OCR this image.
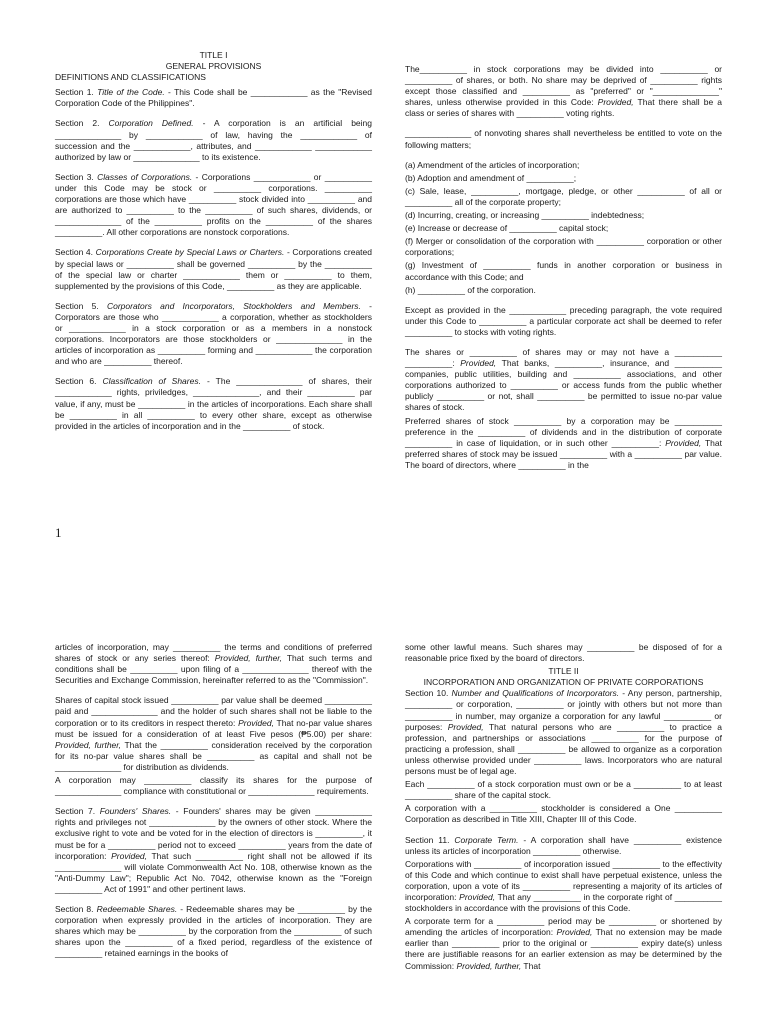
TITLE I

GENERAL PROVISIONS

DEFINITIONS AND CLASSIFICATIONS

Section 1. Title of the Code. - This Code shall be ____________ as the "Revised Corporation Code of the Philippines".

Section 2. Corporation Defined. - A corporation is an artificial being ______________ by ____________ of law, having the ____________ of succession and the ____________, attributes, and ____________ ____________ authorized by law or ______________ to its existence.

Section 3. Classes of Corporations. - Corporations ____________ or __________ under this Code may be stock or __________ corporations. __________ corporations are those which have __________ stock divided into __________ and are authorized to __________ to the __________ of such shares, dividends, or ______________ of the __________ profits on the __________ of the shares __________. All other corporations are nonstock corporations.

Section 4. Corporations Create by Special Laws or Charters. - Corporations created by special laws or __________ shall be governed __________ by the __________ of the special law or charter ____________ them or __________ to them, supplemented by the provisions of this Code, __________ as they are applicable.

Section 5. Corporators and Incorporators, Stockholders and Members. - Corporators are those who ____________ a corporation, whether as stockholders or ____________ in a stock corporation or as a members in a nonstock corporations. Incorporators are those stockholders or ______________ in the articles of incorporation as __________ forming and ____________ the corporation and who are __________ thereof.

Section 6. Classification of Shares. - The ______________ of shares, their ____________ rights, priviledges, ______________, and their __________ par value, if any, must be __________ in the articles of incorporations. Each share shall be __________ in all __________ to every other share, except as otherwise provided in the articles of incorporation and in the __________ of stock.

The__________ in stock corporations may be divided into __________ or __________ of shares, or both. No share may be deprived of __________ rights except those classified and __________ as "preferred" or "______________" shares, unless otherwise provided in this Code: Provided, That there shall be a class or series of shares with __________ voting rights.

______________ of nonvoting shares shall nevertheless be entitled to vote on the following matters;

(a) Amendment of the articles of incorporation;

(b) Adoption and amendment of __________;

(c) Sale, lease, __________, mortgage, pledge, or other __________ of all or __________ all of the corporate property;

(d) Incurring, creating, or increasing __________ indebtedness;

(e) Increase or decrease of __________ capital stock;

(f) Merger or consolidation of the corporation with __________ corporation or other corporations;

(g) Investment of __________ funds in another corporation or business in accordance with this Code; and

(h) __________ of the corporation.

Except as provided in the ____________ preceding paragraph, the vote required under this Code to __________ a particular corporate act shall be deemed to refer __________ to stocks with voting rights.

The shares or __________ of shares may or may not have a __________ __________: Provided, That banks, __________, insurance, and __________ companies, public utilities, building and __________ associations, and other corporations authorized to __________ or access funds from the public whether publicly __________ or not, shall __________ be permitted to issue no-par value shares of stock.

Preferred shares of stock __________ by a corporation may be __________ preference in the __________ of dividends and in the distribution of corporate __________ in case of liquidation, or in such other __________: Provided, That preferred shares of stock may be issued __________ with a __________ par value. The board of directors, where __________ in the

1

articles of incorporation, may __________ the terms and conditions of preferred shares of stock or any series thereof: Provided, further, That such terms and conditions shall be __________ upon filing of a ______________ thereof with the Securities and Exchange Commission, hereinafter referred to as the "Commission".

Shares of capital stock issued __________ par value shall be deemed __________ paid and ______________ and the holder of such shares shall not be liable to the corporation or to its creditors in respect thereto: Provided, That no-par value shares must be issued for a consideration of at least Five pesos (₱5.00) per share: Provided, further, That the __________ consideration received by the corporation for its no-par value shares shall be __________ as capital and shall not be ______________ for distribution as dividends.

A corporation may __________ classify its shares for the purpose of ______________ compliance with constitutional or ______________ requirements.

Section 7. Founders' Shares. - Founders' shares may be given ____________ rights and privileges not ______________ by the owners of other stock. Where the exclusive right to vote and be voted for in the election of directors is __________, it must be for a __________ period not to exceed __________ years from the date of incorporation: Provided, That such __________ right shall not be allowed if its ______________ will violate Commonwealth Act No. 108, otherwise known as the "Anti-Dummy Law"; Republic Act No. 7042, otherwise known as the "Foreign __________ Act of 1991" and other pertinent laws.

Section 8. Redeemable Shares. - Redeemable shares may be __________ by the corporation when expressly provided in the articles of incorporation. They are shares which may be __________ by the corporation from the __________ of such shares upon the __________ of a fixed period, regardless of the existence of __________ retained earnings in the books of

some other lawful means. Such shares may __________ be disposed of for a reasonable price fixed by the board of directors.

TITLE II

INCORPORATION AND ORGANIZATION OF PRIVATE CORPORATIONS

Section 10. Number and Qualifications of Incorporators. - Any person, partnership, __________ or corporation, __________ or jointly with others but not more than __________ in number, may organize a corporation for any lawful __________ or purposes: Provided, That natural persons who are __________ to practice a profession, and partnerships or associations __________ for the purpose of practicing a profession, shall __________ be allowed to organize as a corporation unless otherwise provided under __________ laws. Incorporators who are natural persons must be of legal age.

Each __________ of a stock corporation must own or be a __________ to at least __________ share of the capital stock.

A corporation with a __________ stockholder is considered a One __________ Corporation as described in Title XIII, Chapter III of this Code.

Section 11. Corporate Term. - A corporation shall have __________ existence unless its articles of incorporation __________ otherwise.

Corporations with __________ of incorporation issued __________ to the effectivity of this Code and which continue to exist shall have perpetual existence, unless the corporation, upon a vote of its __________ representing a majority of its articles of incorporation: Provided, That any __________ in the corporate right of __________ stockholders in accordance with the provisions of this Code.

A corporate term for a __________ period may be __________ or shortened by amending the articles of incorporation: Provided, That no extension may be made earlier than __________ prior to the original or __________ expiry date(s) unless there are justifiable reasons for an earlier extension as may be determined by the Commission: Provided, further, That
